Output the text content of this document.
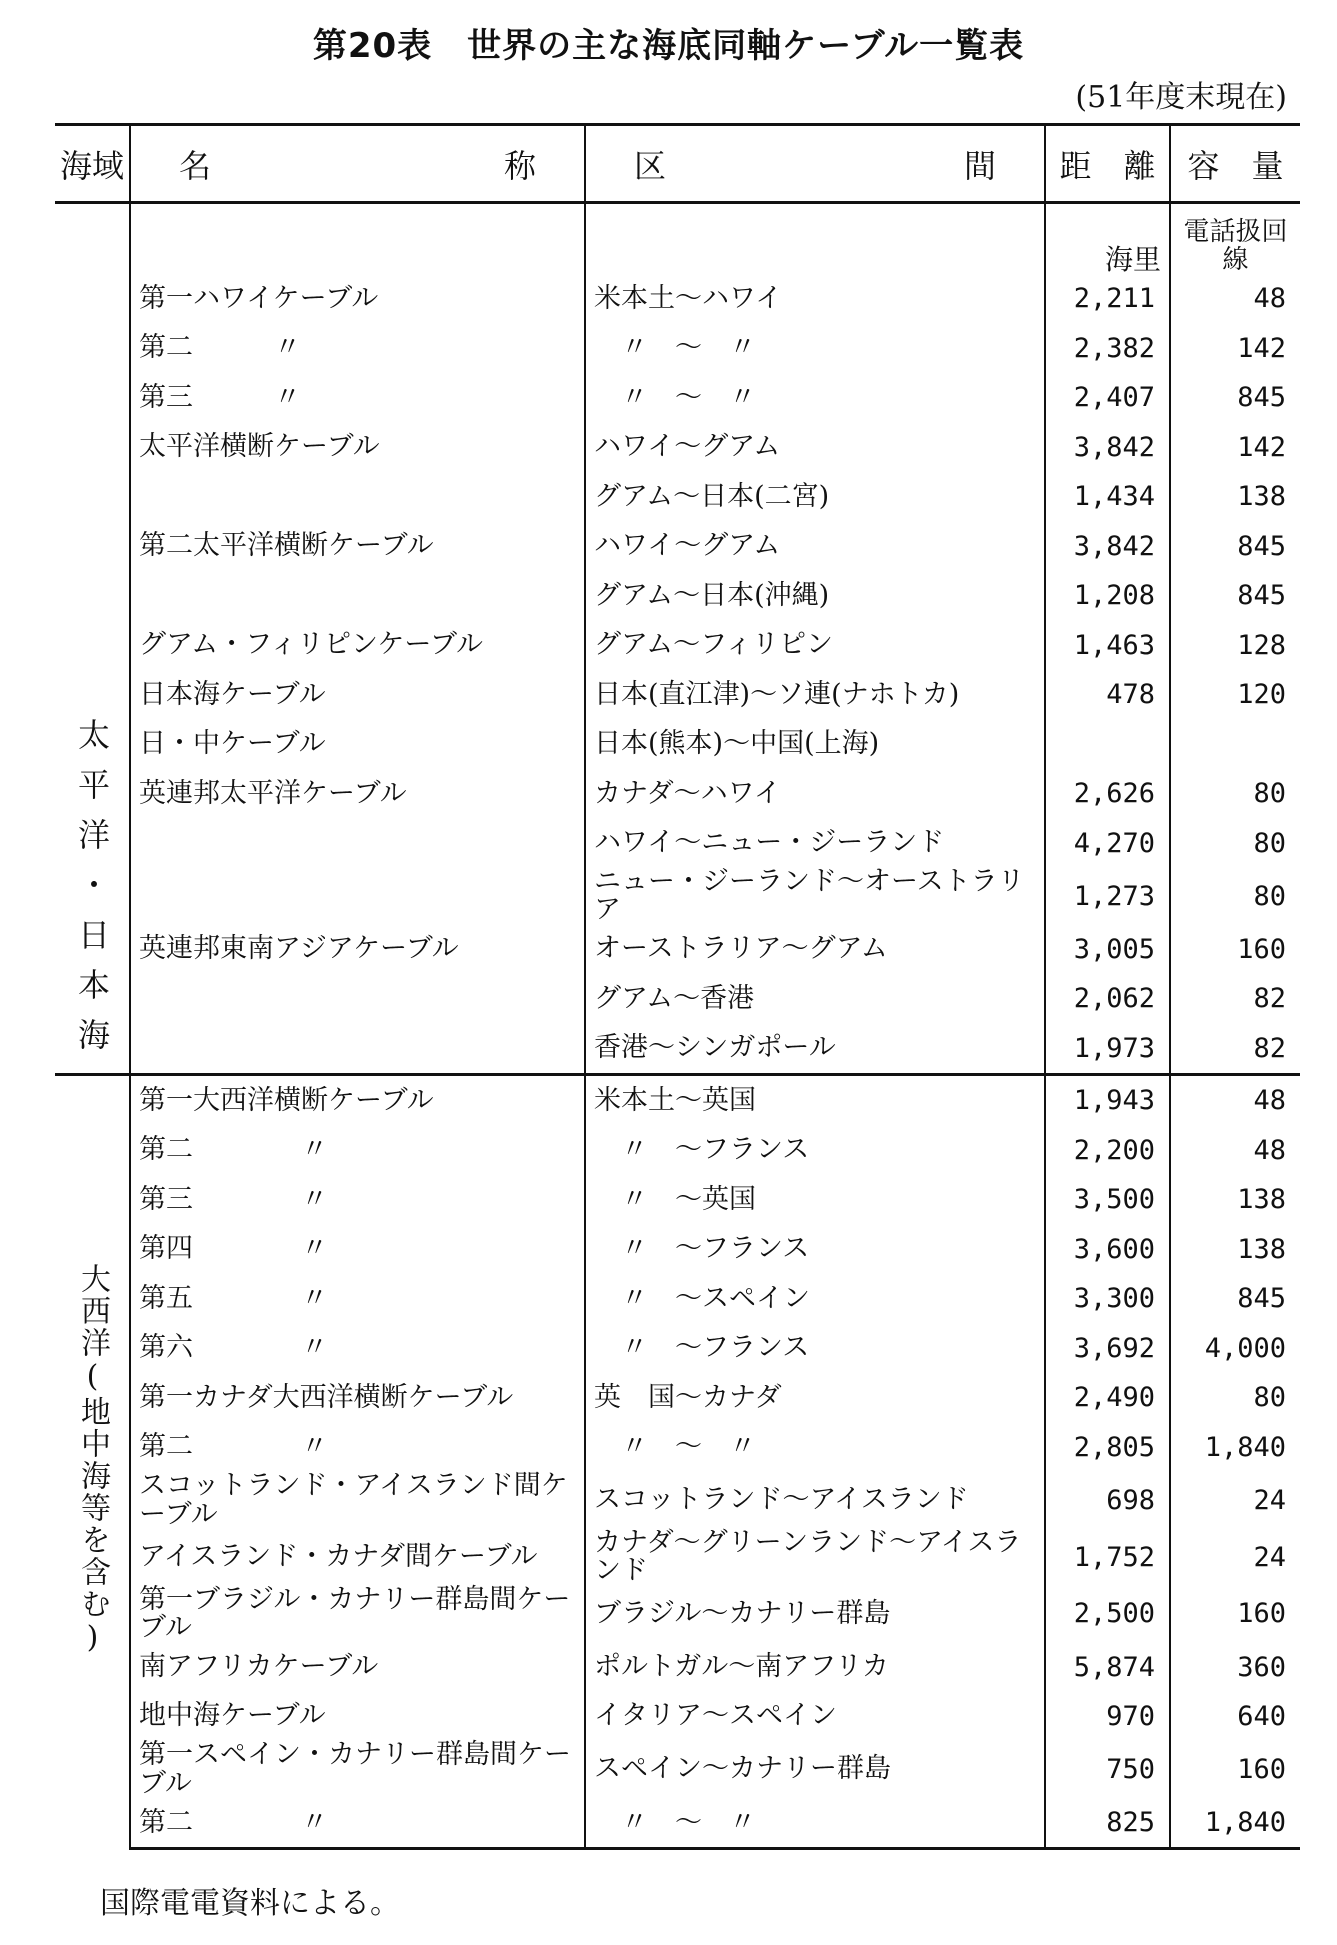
第20表　世界の主な海底同軸ケーブル一覧表
(51年度末現在)
海域	名 称	区 間	距　離	容　量
太平洋・日本海			海里	電話扱回　線

	第一ハワイケーブル	米本土～ハワイ	2,211	48
	第二　　　〃	　〃　～　〃	2,382	142
	第三　　　〃	　〃　～　〃	2,407	845
	太平洋横断ケーブル	ハワイ～グアム	3,842	142
		グアム～日本(二宮)	1,434	138
	第二太平洋横断ケーブル	ハワイ～グアム	3,842	845
		グアム～日本(沖縄)	1,208	845
	グアム・フィリピンケーブル	グアム～フィリピン	1,463	128
	日本海ケーブル	日本(直江津)～ソ連(ナホトカ)	478	120
	日・中ケーブル	日本(熊本)～中国(上海)		
	英連邦太平洋ケーブル	カナダ～ハワイ	2,626	80
		ハワイ～ニュー・ジーランド	4,270	80
		ニュー・ジーランド～オーストラリア	1,273	80
	英連邦東南アジアケーブル	オーストラリア～グアム	3,005	160
		グアム～香港	2,062	82
		香港～シンガポール	1,973	82
大西洋(地中海等を含む)	第一大西洋横断ケーブル	米本土～英国	1,943	48
	第二　　　　〃	　〃　～フランス	2,200	48
	第三　　　　〃	　〃　～英国	3,500	138
	第四　　　　〃	　〃　～フランス	3,600	138
	第五　　　　〃	　〃　～スペイン	3,300	845
	第六　　　　〃	　〃　～フランス	3,692	4,000
	第一カナダ大西洋横断ケーブル	英　国～カナダ	2,490	80
	第二　　　　〃	　〃　～　〃	2,805	1,840
	スコットランド・アイスランド間ケーブル	スコットランド～アイスランド	698	24
	アイスランド・カナダ間ケーブル	カナダ～グリーンランド～アイスランド	1,752	24
	第一ブラジル・カナリー群島間ケーブル	ブラジル～カナリー群島	2,500	160
	南アフリカケーブル	ポルトガル～南アフリカ	5,874	360
	地中海ケーブル	イタリア～スペイン	970	640
	第一スペイン・カナリー群島間ケーブル	スペイン～カナリー群島	750	160
	第二　　　　〃	　〃　～　〃	825	1,840
国際電電資料による。
